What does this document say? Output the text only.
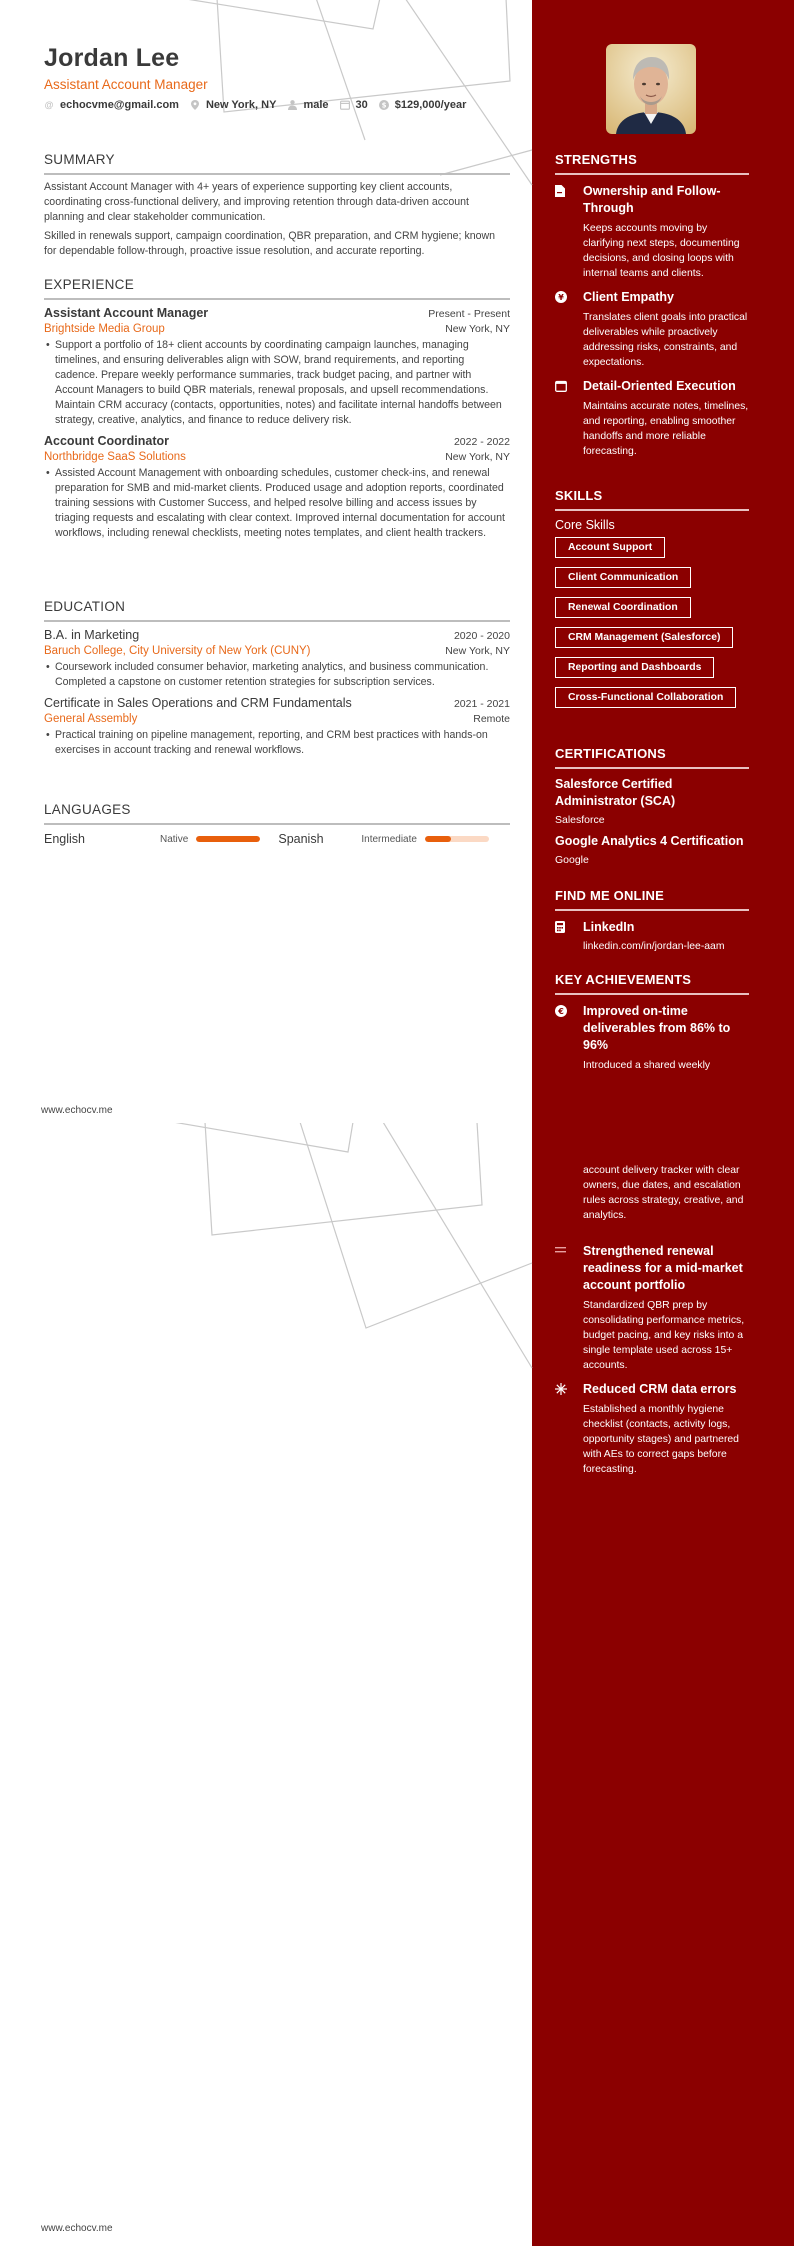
Jordan Lee
Assistant Account Manager
@ echocvme@gmail.com New York, NY male 30 $ $129,000/year
SUMMARY
Assistant Account Manager with 4+ years of experience supporting key client accounts, coordinating cross-functional delivery, and improving retention through data-driven account planning and clear stakeholder communication.
Skilled in renewals support, campaign coordination, QBR preparation, and CRM hygiene; known for dependable follow-through, proactive issue resolution, and accurate reporting.
EXPERIENCE
Assistant Account Manager	Present - Present
Brightside Media Group	New York, NY
• Support a portfolio of 18+ client accounts by coordinating campaign launches, managing timelines, and ensuring deliverables align with SOW, brand requirements, and reporting cadence. Prepare weekly performance summaries, track budget pacing, and partner with Account Managers to build QBR materials, renewal proposals, and upsell recommendations. Maintain CRM accuracy (contacts, opportunities, notes) and facilitate internal handoffs between strategy, creative, analytics, and finance to reduce delivery risk.
Account Coordinator	2022 - 2022
Northbridge SaaS Solutions	New York, NY
• Assisted Account Management with onboarding schedules, customer check-ins, and renewal preparation for SMB and mid-market clients. Produced usage and adoption reports, coordinated training sessions with Customer Success, and helped resolve billing and access issues by triaging requests and escalating with clear context. Improved internal documentation for account workflows, including renewal checklists, meeting notes templates, and client health trackers.
EDUCATION
B.A. in Marketing	2020 - 2020
Baruch College, City University of New York (CUNY)	New York, NY
• Coursework included consumer behavior, marketing analytics, and business communication. Completed a capstone on customer retention strategies for subscription services.
Certificate in Sales Operations and CRM Fundamentals	2021 - 2021
General Assembly	Remote
• Practical training on pipeline management, reporting, and CRM best practices with hands-on exercises in account tracking and renewal workflows.
LANGUAGES
English	Native	Spanish	Intermediate
www.echocv.me
STRENGTHS
Ownership and Follow-Through
Keeps accounts moving by clarifying next steps, documenting decisions, and closing loops with internal teams and clients.
¥ Client Empathy
Translates client goals into practical deliverables while proactively addressing risks, constraints, and expectations.
Detail-Oriented Execution
Maintains accurate notes, timelines, and reporting, enabling smoother handoffs and more reliable forecasting.
SKILLS
Core Skills
Account Support
Client Communication
Renewal Coordination
CRM Management (Salesforce)
Reporting and Dashboards
Cross-Functional Collaboration
CERTIFICATIONS
Salesforce Certified Administrator (SCA)
Salesforce
Google Analytics 4 Certification
Google
FIND ME ONLINE
LinkedIn
linkedin.com/in/jordan-lee-aam
KEY ACHIEVEMENTS
€ Improved on-time deliverables from 86% to 96%
Introduced a shared weekly
account delivery tracker with clear owners, due dates, and escalation rules across strategy, creative, and analytics.
Strengthened renewal readiness for a mid-market account portfolio
Standardized QBR prep by consolidating performance metrics, budget pacing, and key risks into a single template used across 15+ accounts.
Reduced CRM data errors
Established a monthly hygiene checklist (contacts, activity logs, opportunity stages) and partnered with AEs to correct gaps before forecasting.
www.echocv.me
